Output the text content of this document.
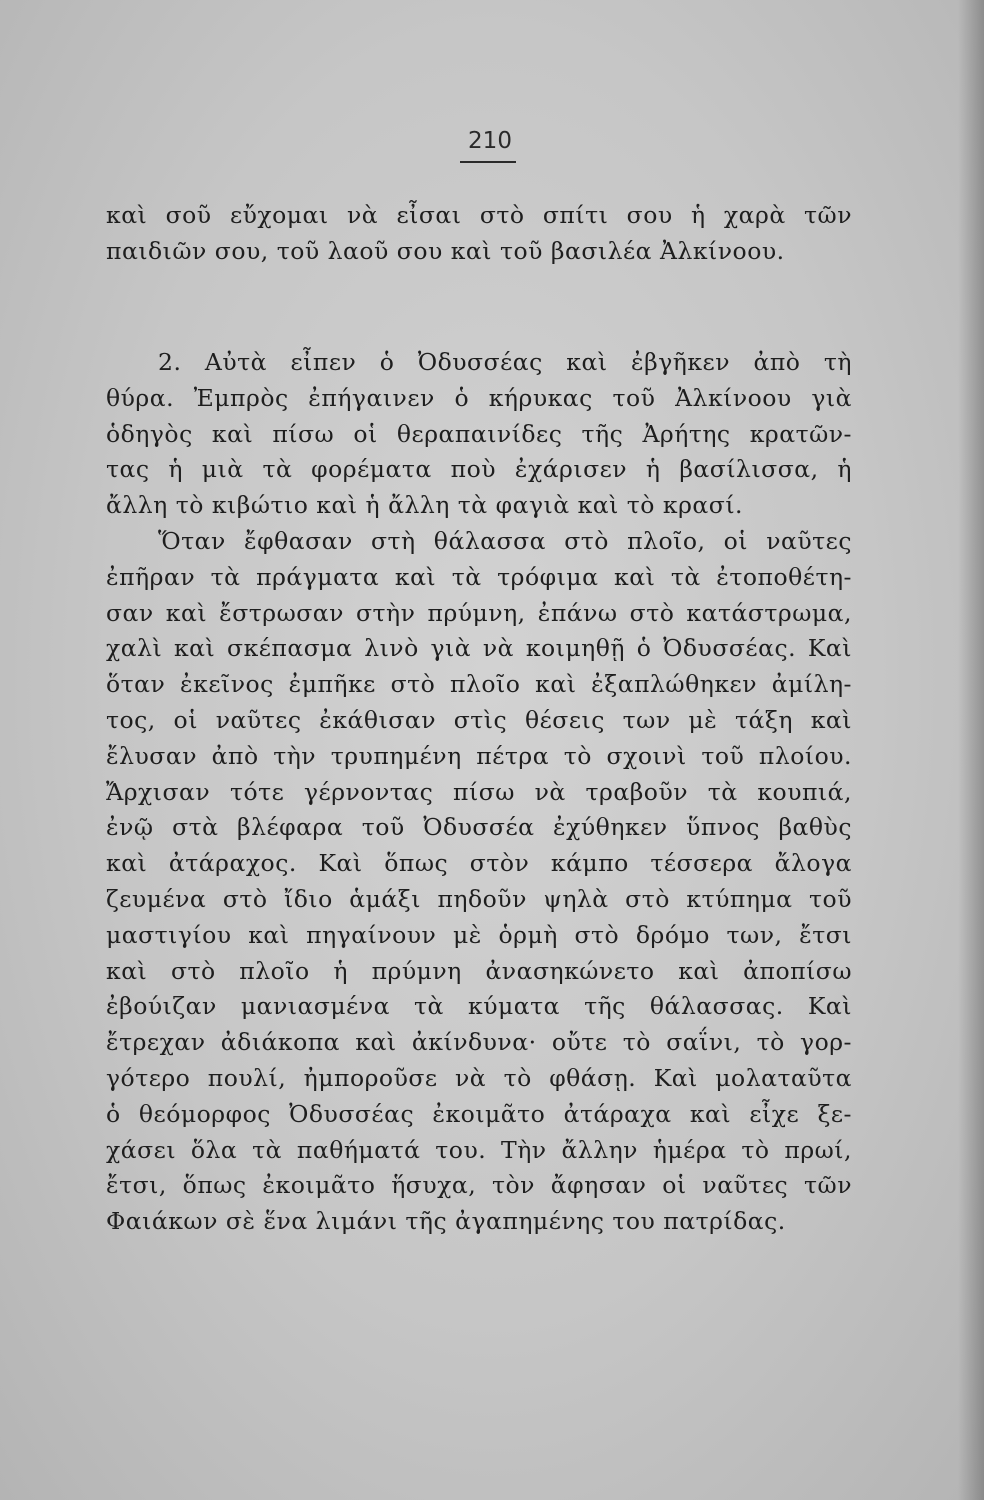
210
καὶ σοῦ εὔχομαι νὰ εἶσαι στὸ σπίτι σου ἡ χαρὰ τῶν
παιδιῶν σου, τοῦ λαοῦ σου καὶ τοῦ βασιλέα Ἀλκίνοου.
2. Αὐτὰ εἶπεν ὁ Ὀδυσσέας καὶ ἐβγῆκεν ἀπὸ τὴ
θύρα. Ἐμπρὸς ἐπήγαινεν ὁ κήρυκας τοῦ Ἀλκίνοου γιὰ
ὁδηγὸς καὶ πίσω οἱ θεραπαινίδες τῆς Ἀρήτης κρατῶν-
τας ἡ μιὰ τὰ φορέματα ποὺ ἐχάρισεν ἡ βασίλισσα, ἡ
ἄλλη τὸ κιβώτιο καὶ ἡ ἄλλη τὰ φαγιὰ καὶ τὸ κρασί.
Ὅταν ἔφθασαν στὴ θάλασσα στὸ πλοῖο, οἱ ναῦτες
ἐπῆραν τὰ πράγματα καὶ τὰ τρόφιμα καὶ τὰ ἐτοποθέτη-
σαν καὶ ἔστρωσαν στὴν πρύμνη, ἐπάνω στὸ κατάστρωμα,
χαλὶ καὶ σκέπασμα λινὸ γιὰ νὰ κοιμηθῇ ὁ Ὀδυσσέας. Καὶ
ὅταν ἐκεῖνος ἐμπῆκε στὸ πλοῖο καὶ ἐξαπλώθηκεν ἀμίλη-
τος, οἱ ναῦτες ἐκάθισαν στὶς θέσεις των μὲ τάξη καὶ
ἔλυσαν ἀπὸ τὴν τρυπημένη πέτρα τὸ σχοινὶ τοῦ πλοίου.
Ἄρχισαν τότε γέρνοντας πίσω νὰ τραβοῦν τὰ κουπιά,
ἐνῷ στὰ βλέφαρα τοῦ Ὀδυσσέα ἐχύθηκεν ὕπνος βαθὺς
καὶ ἀτάραχος. Καὶ ὅπως στὸν κάμπο τέσσερα ἄλογα
ζευμένα στὸ ἴδιο ἁμάξι πηδοῦν ψηλὰ στὸ κτύπημα τοῦ
μαστιγίου καὶ πηγαίνουν μὲ ὁρμὴ στὸ δρόμο των, ἔτσι
καὶ στὸ πλοῖο ἡ πρύμνη ἀνασηκώνετο καὶ ἀποπίσω
ἐβούιζαν μανιασμένα τὰ κύματα τῆς θάλασσας. Καὶ
ἔτρεχαν ἀδιάκοπα καὶ ἀκίνδυνα· οὔτε τὸ σαΐνι, τὸ γορ-
γότερο πουλί, ἠμποροῦσε νὰ τὸ φθάσῃ. Καὶ μολαταῦτα
ὁ θεόμορφος Ὀδυσσέας ἐκοιμᾶτο ἀτάραχα καὶ εἶχε ξε-
χάσει ὅλα τὰ παθήματά του. Τὴν ἄλλην ἡμέρα τὸ πρωί,
ἔτσι, ὅπως ἐκοιμᾶτο ἥσυχα, τὸν ἄφησαν οἱ ναῦτες τῶν
Φαιάκων σὲ ἕνα λιμάνι τῆς ἀγαπημένης του πατρίδας.
